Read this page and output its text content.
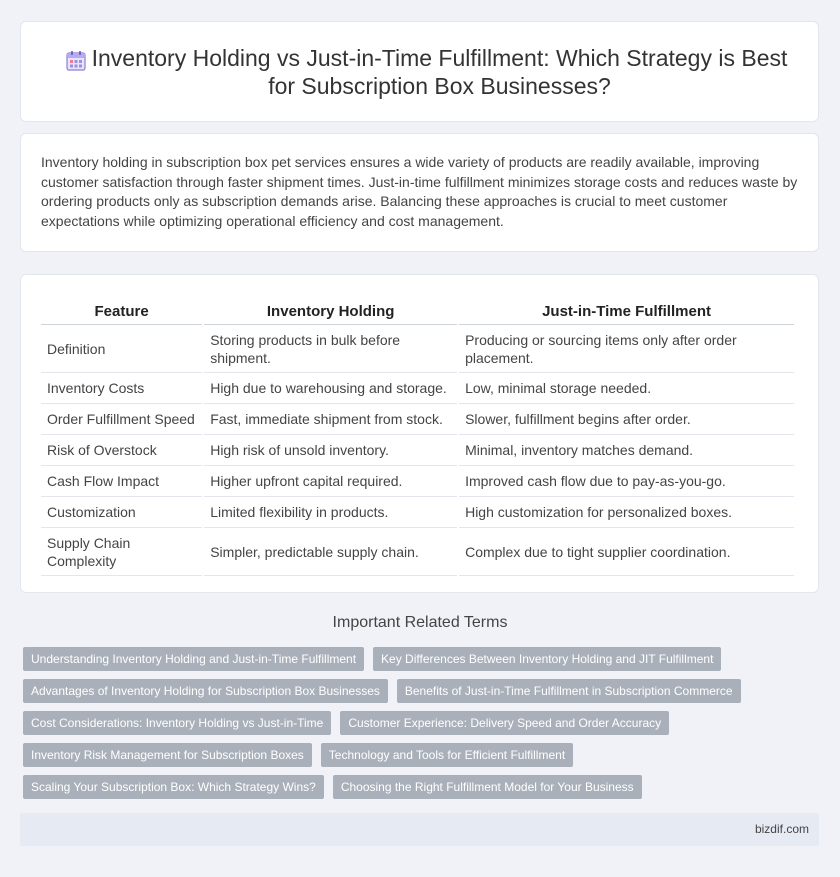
Inventory Holding vs Just-in-Time Fulfillment: Which Strategy is Best for Subscription Box Businesses?

Inventory holding in subscription box pet services ensures a wide variety of products are readily available, improving customer satisfaction through faster shipment times. Just-in-time fulfillment minimizes storage costs and reduces waste by ordering products only as subscription demands arise. Balancing these approaches is crucial to meet customer expectations while optimizing operational efficiency and cost management.

Feature	Inventory Holding	Just-in-Time Fulfillment
Definition	Storing products in bulk before shipment.	Producing or sourcing items only after order placement.
Inventory Costs	High due to warehousing and storage.	Low, minimal storage needed.
Order Fulfillment Speed	Fast, immediate shipment from stock.	Slower, fulfillment begins after order.
Risk of Overstock	High risk of unsold inventory.	Minimal, inventory matches demand.
Cash Flow Impact	Higher upfront capital required.	Improved cash flow due to pay-as-you-go.
Customization	Limited flexibility in products.	High customization for personalized boxes.
Supply Chain Complexity	Simpler, predictable supply chain.	Complex due to tight supplier coordination.
Important Related Terms
Understanding Inventory Holding and Just-in-Time Fulfillment	Key Differences Between Inventory Holding and JIT Fulfillment
Advantages of Inventory Holding for Subscription Box Businesses	Benefits of Just-in-Time Fulfillment in Subscription Commerce
Cost Considerations: Inventory Holding vs Just-in-Time	Customer Experience: Delivery Speed and Order Accuracy
Inventory Risk Management for Subscription Boxes	Technology and Tools for Efficient Fulfillment
Scaling Your Subscription Box: Which Strategy Wins?	Choosing the Right Fulfillment Model for Your Business
bizdif.com
